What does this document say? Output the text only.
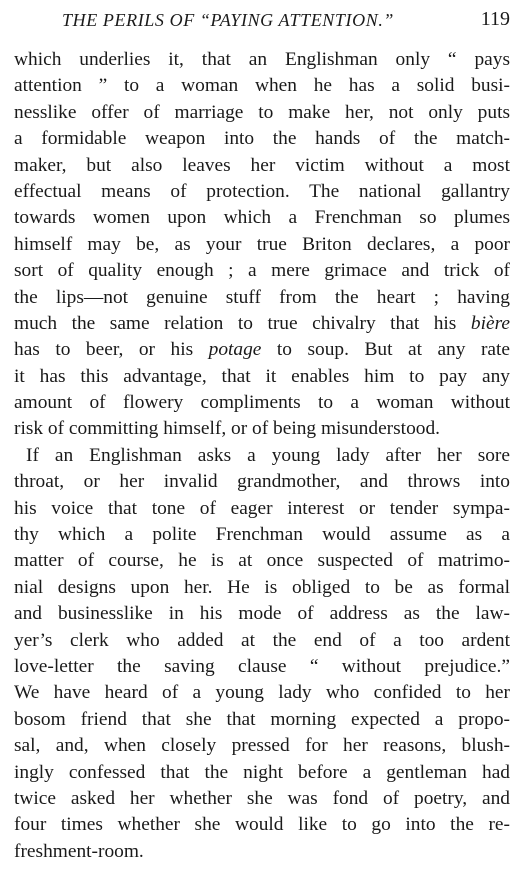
THE PERILS OF “PAYING ATTENTION.”	119
which underlies it, that an Englishman only “ pays
attention ” to a woman when he has a solid busi-
nesslike offer of marriage to make her, not only puts
a formidable weapon into the hands of the match-
maker, but also leaves her victim without a most
effectual means of protection. The national gallantry
towards women upon which a Frenchman so plumes
himself may be, as your true Briton declares, a poor
sort of quality enough ; a mere grimace and trick of
the lips—not genuine stuff from the heart ; having
much the same relation to true chivalry that his bière
has to beer, or his potage to soup. But at any rate
it has this advantage, that it enables him to pay any
amount of flowery compliments to a woman without
risk of committing himself, or of being misunderstood.
If an Englishman asks a young lady after her sore
throat, or her invalid grandmother, and throws into
his voice that tone of eager interest or tender sympa-
thy which a polite Frenchman would assume as a
matter of course, he is at once suspected of matrimo-
nial designs upon her. He is obliged to be as formal
and businesslike in his mode of address as the law-
yer’s clerk who added at the end of a too ardent
love-letter the saving clause “ without prejudice.”
We have heard of a young lady who confided to her
bosom friend that she that morning expected a propo-
sal, and, when closely pressed for her reasons, blush-
ingly confessed that the night before a gentleman had
twice asked her whether she was fond of poetry, and
four times whether she would like to go into the re-
freshment-room.
